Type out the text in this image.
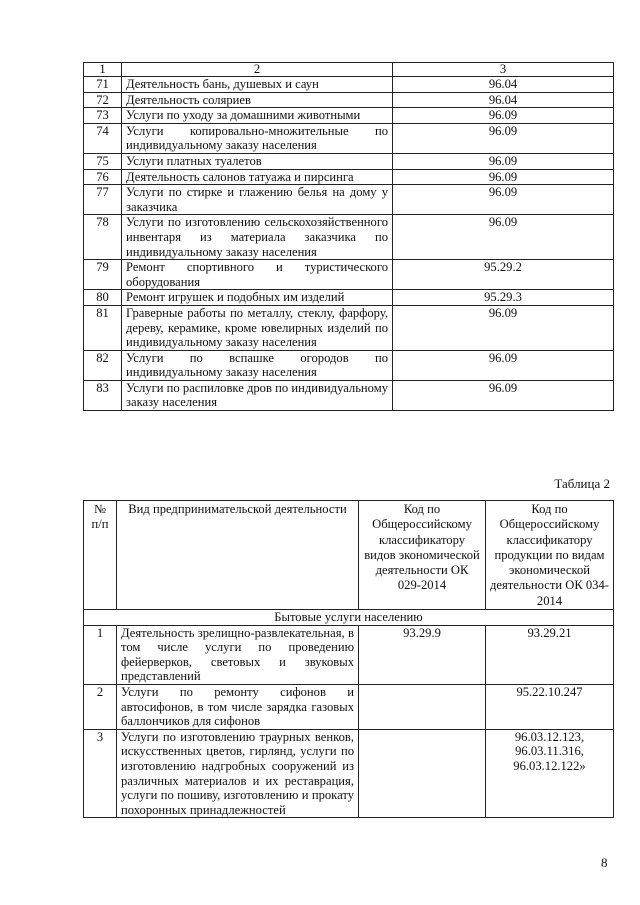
1	2	3
71	Деятельность бань, душевых и саун	96.04
72	Деятельность соляриев	96.04
73	Услуги по уходу за домашними животными	96.09
74	Услуги копировально-множительные по индивидуальному заказу населения	96.09
75	Услуги платных туалетов	96.09
76	Деятельность салонов татуажа и пирсинга	96.09
77	Услуги по стирке и глажению белья на дому у заказчика	96.09
78	Услуги по изготовлению сельскохозяйственного инвентаря из материала заказчика по индивидуальному заказу населения	96.09
79	Ремонт спортивного и туристического оборудования	95.29.2
80	Ремонт игрушек и подобных им изделий	95.29.3
81	Граверные работы по металлу, стеклу, фарфору, дереву, керамике, кроме ювелирных изделий по индивидуальному заказу населения	96.09
82	Услуги по вспашке огородов по индивидуальному заказу населения	96.09
83	Услуги по распиловке дров по индивидуальному заказу населения	96.09
Таблица 2
№ п/п	Вид предпринимательской деятельности	Код по Общероссийскому классификатору видов экономической деятельности ОК 029-2014	Код по Общероссийскому классификатору продукции по видам экономической деятельности ОК 034-2014
Бытовые услуги населению			
1	Деятельность зрелищно-развлекательная, в том числе услуги по проведению фейерверков, световых и звуковых представлений	93.29.9	93.29.21
2	Услуги по ремонту сифонов и автосифонов, в том числе зарядка газовых баллончиков для сифонов		95.22.10.247
3	Услуги по изготовлению траурных венков, искусственных цветов, гирлянд, услуги по изготовлению надгробных сооружений из различных материалов и их реставрация, услуги по пошиву, изготовлению и прокату похоронных принадлежностей		96.03.12.123, 96.03.11.316, 96.03.12.122»
8
